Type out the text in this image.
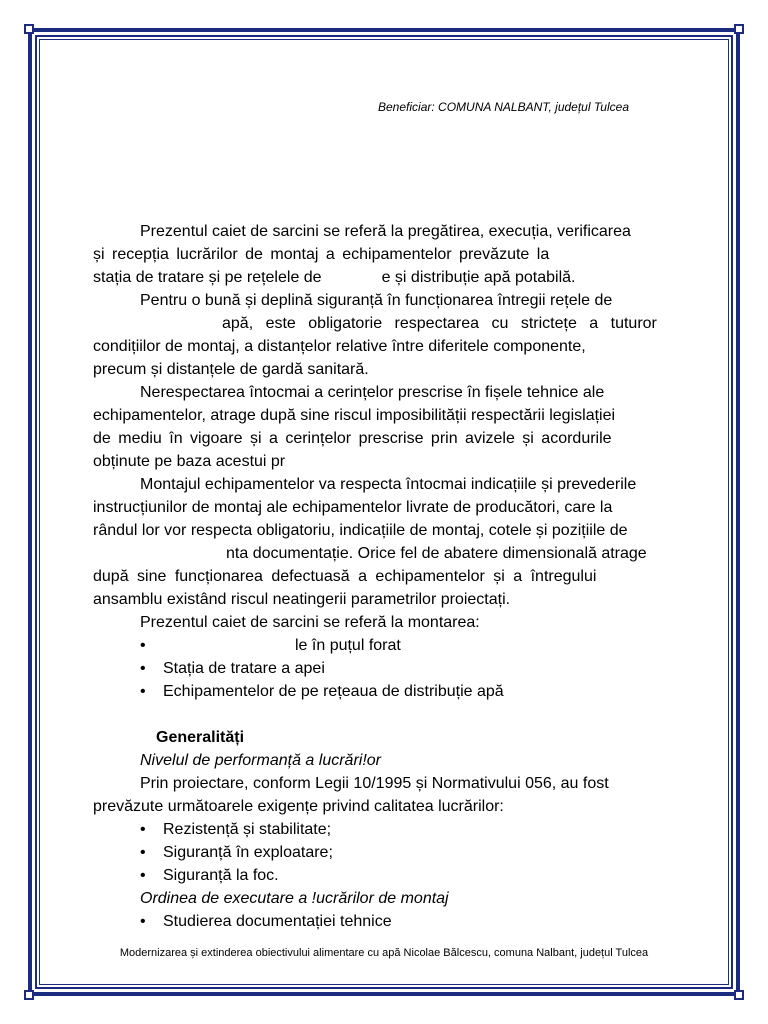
Beneficiar: COMUNA NALBANT, județul Tulcea
Prezentul caiet de sarcini se referă la pregătirea, execuția, verificarea
și recepția lucrărilor de montaj a echipamentelor prevăzute la
stația de tratare și pe rețelele de	e și distribuție apă potabilă.
Pentru o bună și deplină siguranță în funcționarea întregii rețele de
apă, este obligatorie respectarea cu strictețe a tuturor
condițiilor de montaj, a distanțelor relative între diferitele componente,
precum și distanțele de gardă sanitară.
Nerespectarea întocmai a cerințelor prescrise în fișele tehnice ale
echipamentelor, atrage după sine riscul imposibilității respectării legislației
de mediu în vigoare și a cerințelor prescrise prin avizele și acordurile
obținute pe baza acestui pr
Montajul echipamentelor va respecta întocmai indicațiile și prevederile
instrucțiunilor de montaj ale echipamentelor livrate de producători, care la
rândul lor vor respecta obligatoriu, indicațiile de montaj, cotele și pozițiile de
nta documentație. Orice fel de abatere dimensională atrage
după sine funcționarea defectuasă a echipamentelor și a întregului
ansamblu existând riscul neatingerii parametrilor proiectați.
Prezentul caiet de sarcini se referă la montarea:
•	le în puțul forat
•	Stația de tratare a apei
•	Echipamentelor de pe rețeaua de distribuție apă
Generalități
Nivelul de performanță a lucrări!or
Prin proiectare, conform Legii 10/1995 și Normativului 056, au fost
prevăzute următoarele exigențe privind calitatea lucrărilor:
•	Rezistență și stabilitate;
•	Siguranță în exploatare;
•	Siguranță la foc.
Ordinea de executare a !ucrărilor de montaj
•	Studierea documentației tehnice
Modernizarea și extinderea obiectivului alimentare cu apă Nicolae Bălcescu, comuna Nalbant, județul Tulcea
